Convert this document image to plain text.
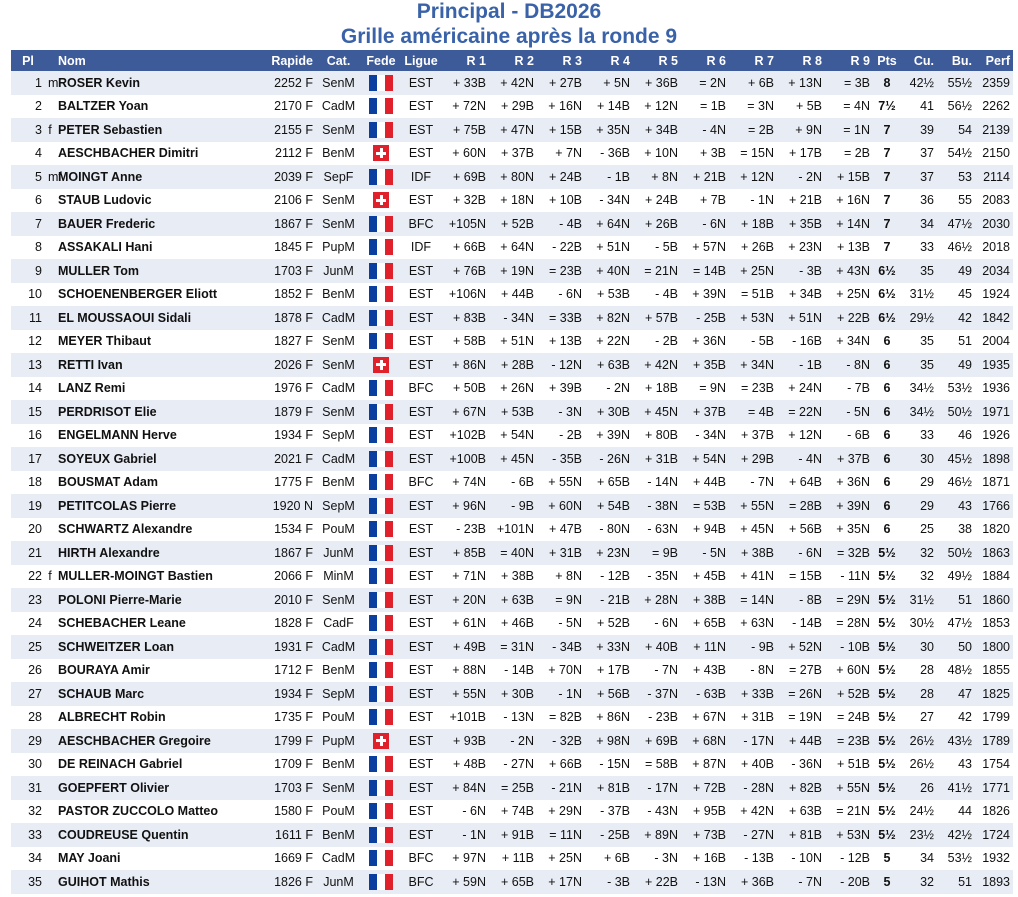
Principal - DB2026
Grille américaine après la ronde 9
Pl		Nom	Rapide	Cat.	Fede	Ligue	R 1	R 2	R 3	R 4	R 5	R 6	R 7	R 8	R 9	Pts	Cu.	Bu.	Perf
1	m	ROSER Kevin	2252 F	SenM		EST	+ 33B	+ 42N	+ 27B	+ 5N	+ 36B	= 2N	+ 6B	+ 13N	= 3B	8	42½	55½	2359
2		BALTZER Yoan	2170 F	CadM		EST	+ 72N	+ 29B	+ 16N	+ 14B	+ 12N	= 1B	= 3N	+ 5B	= 4N	7½	41	56½	2262
3	f	PETER Sebastien	2155 F	SenM		EST	+ 75B	+ 47N	+ 15B	+ 35N	+ 34B	- 4N	= 2B	+ 9N	= 1N	7	39	54	2139
4		AESCHBACHER Dimitri	2112 F	BenM		EST	+ 60N	+ 37B	+ 7N	- 36B	+ 10N	+ 3B	= 15N	+ 17B	= 2B	7	37	54½	2150
5	mf	MOINGT Anne	2039 F	SepF		IDF	+ 69B	+ 80N	+ 24B	- 1B	+ 8N	+ 21B	+ 12N	- 2N	+ 15B	7	37	53	2114
6		STAUB Ludovic	2106 F	SenM		EST	+ 32B	+ 18N	+ 10B	- 34N	+ 24B	+ 7B	- 1N	+ 21B	+ 16N	7	36	55	2083
7		BAUER Frederic	1867 F	SenM		BFC	+105N	+ 52B	- 4B	+ 64N	+ 26B	- 6N	+ 18B	+ 35B	+ 14N	7	34	47½	2030
8		ASSAKALI Hani	1845 F	PupM		IDF	+ 66B	+ 64N	- 22B	+ 51N	- 5B	+ 57N	+ 26B	+ 23N	+ 13B	7	33	46½	2018
9		MULLER Tom	1703 F	JunM		EST	+ 76B	+ 19N	= 23B	+ 40N	= 21N	= 14B	+ 25N	- 3B	+ 43N	6½	35	49	2034
10		SCHOENENBERGER Eliott	1852 F	BenM		EST	+106N	+ 44B	- 6N	+ 53B	- 4B	+ 39N	= 51B	+ 34B	+ 25N	6½	31½	45	1924
11		EL MOUSSAOUI Sidali	1878 F	CadM		EST	+ 83B	- 34N	= 33B	+ 82N	+ 57B	- 25B	+ 53N	+ 51N	+ 22B	6½	29½	42	1842
12		MEYER Thibaut	1827 F	SenM		EST	+ 58B	+ 51N	+ 13B	+ 22N	- 2B	+ 36N	- 5B	- 16B	+ 34N	6	35	51	2004
13		RETTI Ivan	2026 F	SenM		EST	+ 86N	+ 28B	- 12N	+ 63B	+ 42N	+ 35B	+ 34N	- 1B	- 8N	6	35	49	1935
14		LANZ Remi	1976 F	CadM		BFC	+ 50B	+ 26N	+ 39B	- 2N	+ 18B	= 9N	= 23B	+ 24N	- 7B	6	34½	53½	1936
15		PERDRISOT Elie	1879 F	SenM		EST	+ 67N	+ 53B	- 3N	+ 30B	+ 45N	+ 37B	= 4B	= 22N	- 5N	6	34½	50½	1971
16		ENGELMANN Herve	1934 F	SepM		EST	+102B	+ 54N	- 2B	+ 39N	+ 80B	- 34N	+ 37B	+ 12N	- 6B	6	33	46	1926
17		SOYEUX Gabriel	2021 F	CadM		EST	+100B	+ 45N	- 35B	- 26N	+ 31B	+ 54N	+ 29B	- 4N	+ 37B	6	30	45½	1898
18		BOUSMAT Adam	1775 F	BenM		BFC	+ 74N	- 6B	+ 55N	+ 65B	- 14N	+ 44B	- 7N	+ 64B	+ 36N	6	29	46½	1871
19		PETITCOLAS Pierre	1920 N	SepM		EST	+ 96N	- 9B	+ 60N	+ 54B	- 38N	= 53B	+ 55N	= 28B	+ 39N	6	29	43	1766
20		SCHWARTZ Alexandre	1534 F	PouM		EST	- 23B	+101N	+ 47B	- 80N	- 63N	+ 94B	+ 45N	+ 56B	+ 35N	6	25	38	1820
21		HIRTH Alexandre	1867 F	JunM		EST	+ 85B	= 40N	+ 31B	+ 23N	= 9B	- 5N	+ 38B	- 6N	= 32B	5½	32	50½	1863
22	f	MULLER-MOINGT Bastien	2066 F	MinM		EST	+ 71N	+ 38B	+ 8N	- 12B	- 35N	+ 45B	+ 41N	= 15B	- 11N	5½	32	49½	1884
23		POLONI Pierre-Marie	2010 F	SenM		EST	+ 20N	+ 63B	= 9N	- 21B	+ 28N	+ 38B	= 14N	- 8B	= 29N	5½	31½	51	1860
24		SCHEBACHER Leane	1828 F	CadF		EST	+ 61N	+ 46B	- 5N	+ 52B	- 6N	+ 65B	+ 63N	- 14B	= 28N	5½	30½	47½	1853
25		SCHWEITZER Loan	1931 F	CadM		EST	+ 49B	= 31N	- 34B	+ 33N	+ 40B	+ 11N	- 9B	+ 52N	- 10B	5½	30	50	1800
26		BOURAYA Amir	1712 F	BenM		EST	+ 88N	- 14B	+ 70N	+ 17B	- 7N	+ 43B	- 8N	= 27B	+ 60N	5½	28	48½	1855
27		SCHAUB Marc	1934 F	SepM		EST	+ 55N	+ 30B	- 1N	+ 56B	- 37N	- 63B	+ 33B	= 26N	+ 52B	5½	28	47	1825
28		ALBRECHT Robin	1735 F	PouM		EST	+101B	- 13N	= 82B	+ 86N	- 23B	+ 67N	+ 31B	= 19N	= 24B	5½	27	42	1799
29		AESCHBACHER Gregoire	1799 F	PupM		EST	+ 93B	- 2N	- 32B	+ 98N	+ 69B	+ 68N	- 17N	+ 44B	= 23B	5½	26½	43½	1789
30		DE REINACH Gabriel	1709 F	BenM		EST	+ 48B	- 27N	+ 66B	- 15N	= 58B	+ 87N	+ 40B	- 36N	+ 51B	5½	26½	43	1754
31		GOEPFERT Olivier	1703 F	SenM		EST	+ 84N	= 25B	- 21N	+ 81B	- 17N	+ 72B	- 28N	+ 82B	+ 55N	5½	26	41½	1771
32		PASTOR ZUCCOLO Matteo	1580 F	PouM		EST	- 6N	+ 74B	+ 29N	- 37B	- 43N	+ 95B	+ 42N	+ 63B	= 21N	5½	24½	44	1826
33		COUDREUSE Quentin	1611 F	BenM		EST	- 1N	+ 91B	= 11N	- 25B	+ 89N	+ 73B	- 27N	+ 81B	+ 53N	5½	23½	42½	1724
34		MAY Joani	1669 F	CadM		BFC	+ 97N	+ 11B	+ 25N	+ 6B	- 3N	+ 16B	- 13B	- 10N	- 12B	5	34	53½	1932
35		GUIHOT Mathis	1826 F	JunM		BFC	+ 59N	+ 65B	+ 17N	- 3B	+ 22B	- 13N	+ 36B	- 7N	- 20B	5	32	51	1893
